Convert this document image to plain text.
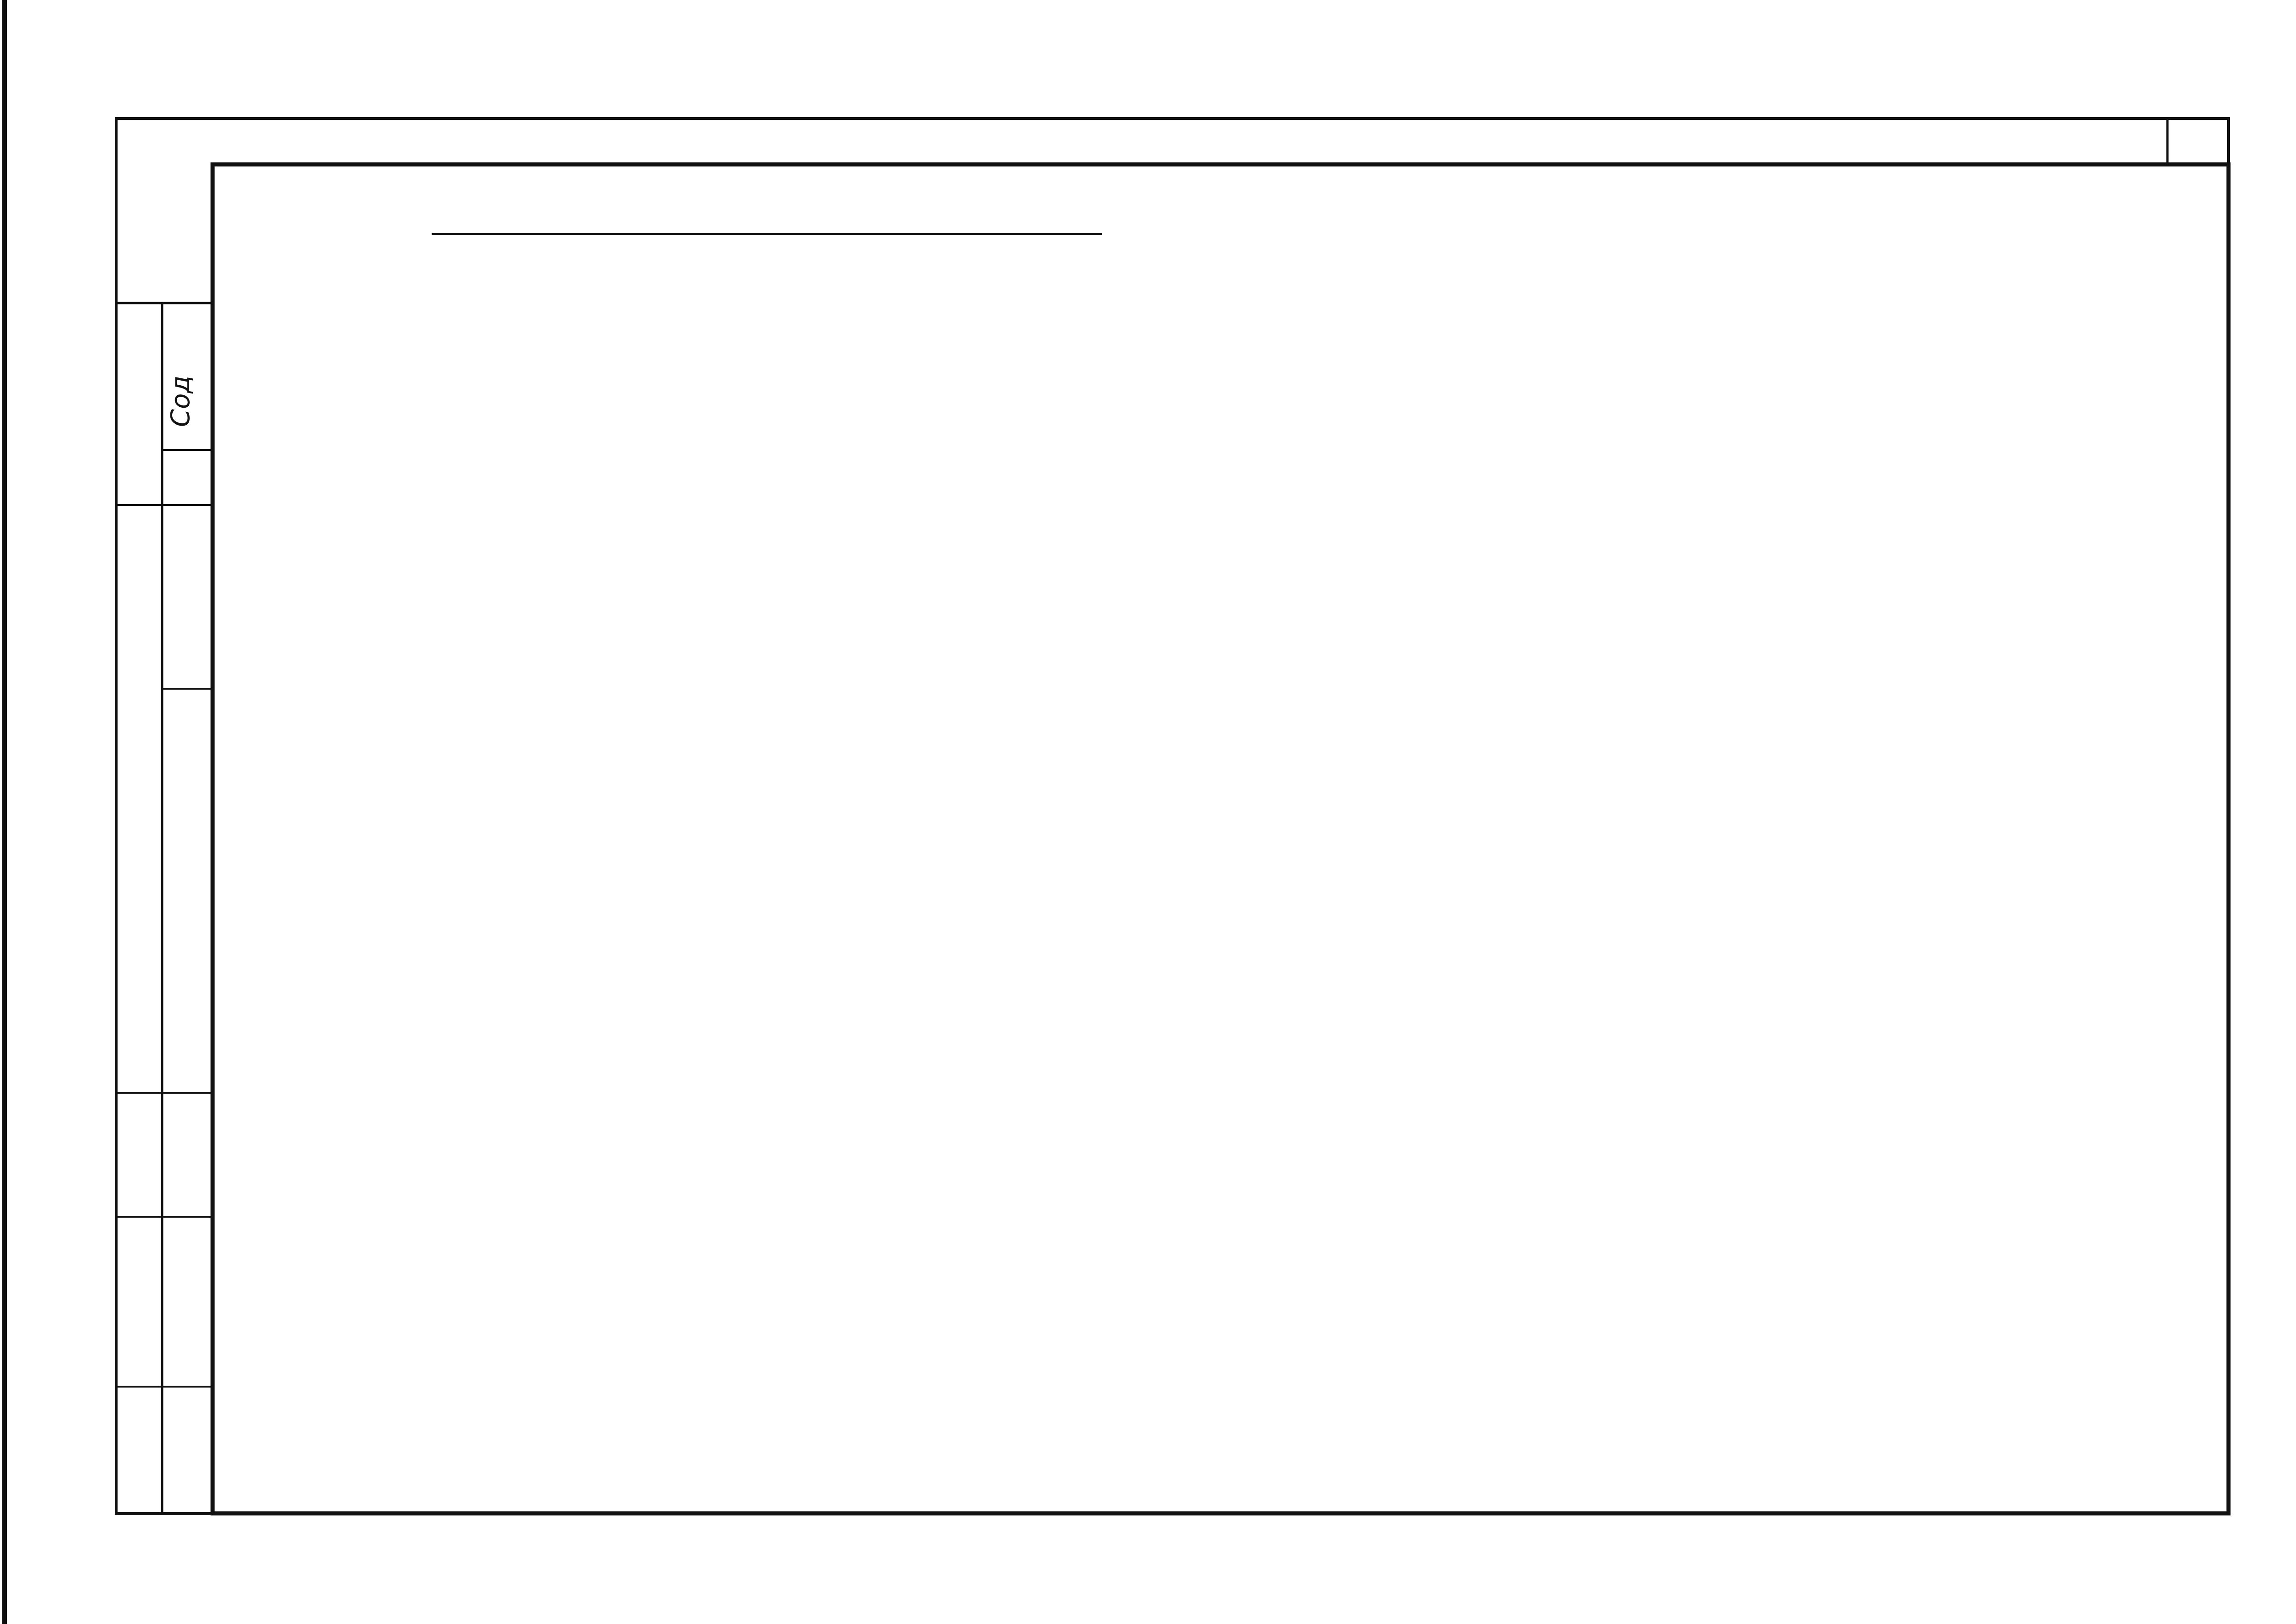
Сод
